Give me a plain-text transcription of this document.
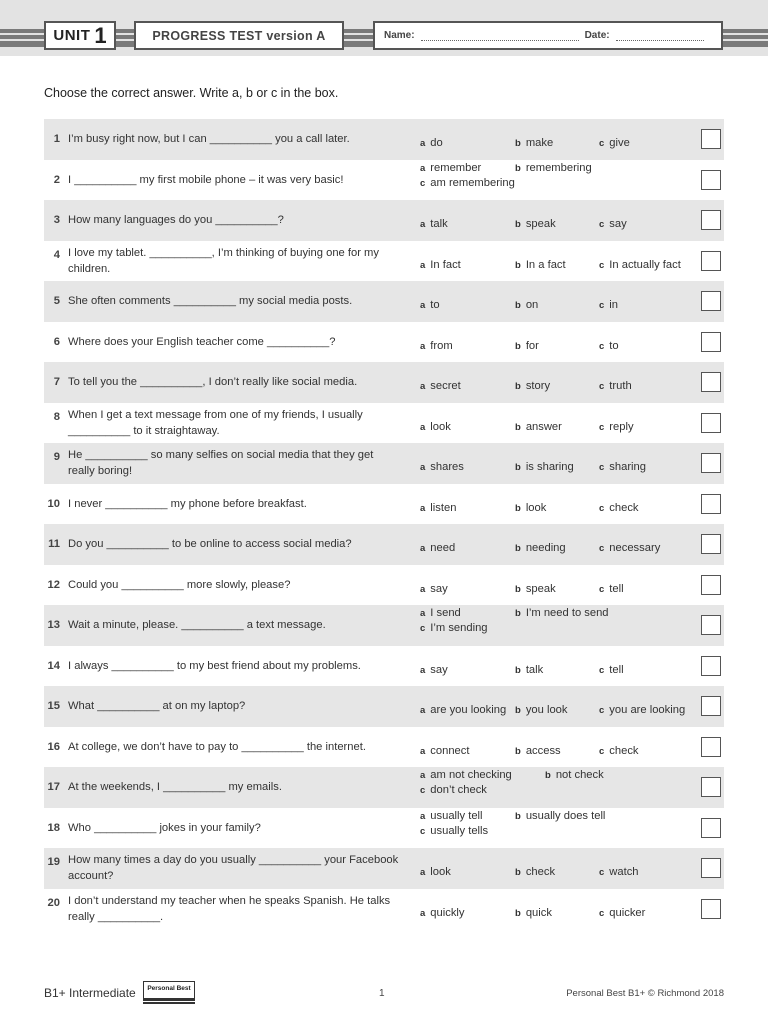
UNIT 1	PROGRESS TEST version A	Name:	Date:
Choose the correct answer. Write a, b or c in the box.
1 I’m busy right now, but I can __________ you a call later.	a do	b make	c give
2 I __________ my first mobile phone – it was very basic!
a remember	b remembering
c am remembering
3 How many languages do you __________?	a talk	b speak	c say
4 I love my tablet. __________, I’m thinking of buying one for my children.	a In fact	b In a fact	c In actually fact
5 She often comments __________ my social media posts.	a to	b on	c in
6 Where does your English teacher come __________?	a from	b for	c to
7 To tell you the __________, I don’t really like social media.	a secret	b story	c truth
8 When I get a text message from one of my friends, I usually __________ to it straightaway.	a look	b answer	c reply
9 He __________ so many selfies on social media that they get really boring!	a shares	b is sharing	c sharing
10 I never __________ my phone before breakfast.	a listen	b look	c check
11 Do you __________ to be online to access social media?	a need	b needing	c necessary
12 Could you __________ more slowly, please?	a say	b speak	c tell
13 Wait a minute, please. __________ a text message.
a I send	b I’m need to send
c I’m sending
14 I always __________ to my best friend about my problems.	a say	b talk	c tell
15 What __________ at on my laptop?	a are you looking b you look	c you are looking
16 At college, we don’t have to pay to __________ the internet.	a connect	b access	c check
17 At the weekends, I __________ my emails.
a am not checking	b not check
c don’t check
18 Who __________ jokes in your family?
a usually tell	b usually does tell
c usually tells
19 How many times a day do you usually __________ your Facebook account?	a look	b check	c watch
20 I don’t understand my teacher when he speaks Spanish. He talks really __________.	a quickly	b quick	c quicker
B1+ Intermediate Personal Best	1	Personal Best B1+ © Richmond 2018
